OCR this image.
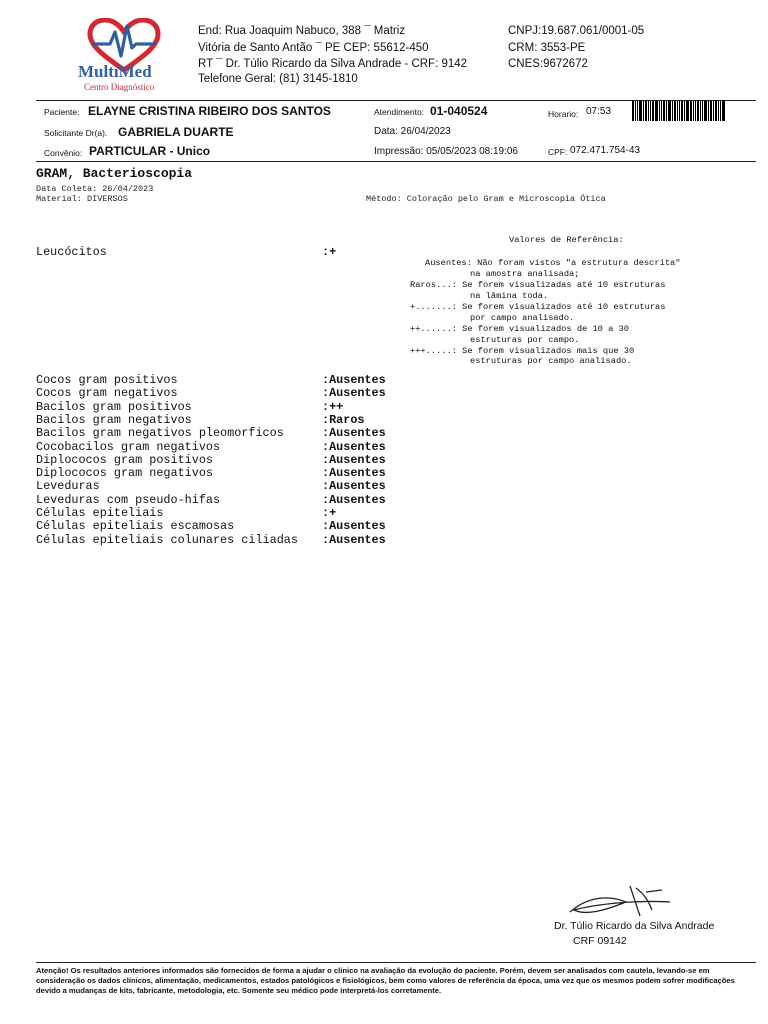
MultiMed
Centro Diagnóstico
End: Rua Joaquim Nabuco, 388 ¯ Matriz
Vitória de Santo Antão ¯ PE CEP: 55612-450
RT ¯ Dr. Túlio Ricardo da Silva Andrade - CRF: 9142
Telefone Geral: (81) 3145-1810
CNPJ:19.687.061/0001-05
CRM: 3553-PE
CNES:9672672
Paciente: ELAYNE CRISTINA RIBEIRO DOS SANTOS	Atendimento: 01-040524	Horario: 07:53
Solicitante Dr(a). GABRIELA DUARTE	Data: 26/04/2023
Convênio: PARTICULAR - Unico	Impressão: 05/05/2023 08:19:06	CPF: 072.471.754-43
GRAM, Bacterioscopia
Data Coleta: 26/04/2023
Material: DIVERSOS	Método: Coloração pelo Gram e Microscopia Ótica
Leucócitos	:+
Valores de Referência:
Ausentes: Não foram vistos "a estrutura descrita"
na amostra analisada;
Raros...: Se forem visualizadas até 10 estruturas
na lâmina toda.
+.......: Se forem visualizados até 10 estruturas
por campo analisado.
++......: Se forem visualizados de 10 a 30
estruturas por campo.
+++.....: Se forem visualizados mais que 30
estruturas por campo analisado.
Cocos gram positivos	:Ausentes
Cocos gram negativos	:Ausentes
Bacilos gram positivos	:++
Bacilos gram negativos	:Raros
Bacilos gram negativos pleomorficos	:Ausentes
Cocobacilos gram negativos	:Ausentes
Diplococos gram positivos	:Ausentes
Diplococos gram negativos	:Ausentes
Leveduras	:Ausentes
Leveduras com pseudo-hifas	:Ausentes
Células epiteliais	:+
Células epiteliais escamosas	:Ausentes
Células epiteliais colunares ciliadas :Ausentes
Dr. Túlio Ricardo da Silva Andrade
CRF 09142
Atenção! Os resultados anteriores informados são fornecidos de forma a ajudar o clínico na avaliação da evolução do paciente. Porém, devem ser analisados com cautela, levando-se em consideração os dados clínicos, alimentação, medicamentos, estados patológicos e fisiológicos, bem como valores de referência da época, uma vez que os mesmos podem sofrer modificações devido a mudanças de kits, fabricante, metodologia, etc. Somente seu médico pode interpretá-los corretamente.
